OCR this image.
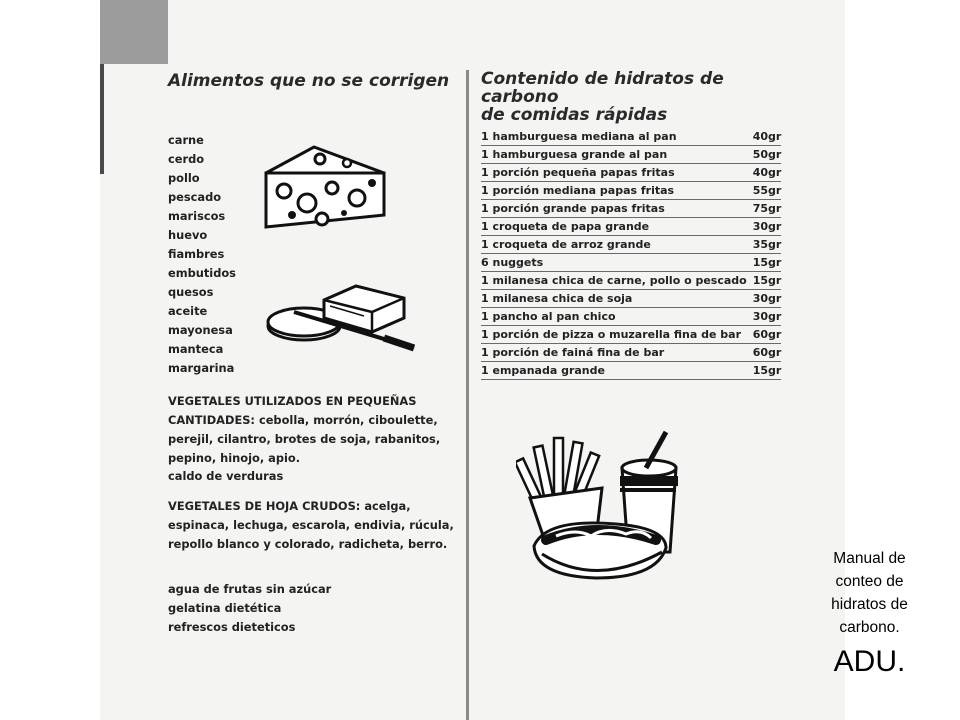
Alimentos que no se corrigen
carne
cerdo
pollo
pescado
mariscos
huevo
fiambres
embutidos
quesos
aceite
mayonesa
manteca
margarina
VEGETALES UTILIZADOS EN PEQUEÑAS CANTIDADES: cebolla, morrón, ciboulette, perejil, cilantro, brotes de soja, rabanitos, pepino, hinojo, apio.
caldo de verduras
VEGETALES DE HOJA CRUDOS: acelga, espinaca, lechuga, escarola, endivia, rúcula, repollo blanco y colorado, radicheta, berro.
agua de frutas sin azúcar
gelatina dietética
refrescos dieteticos
Contenido de hidratos de carbono
de comidas rápidas
1 hamburguesa mediana al pan	40gr
1 hamburguesa grande al pan	50gr
1 porción pequeña papas fritas	40gr
1 porción mediana papas fritas	55gr
1 porción grande papas fritas	75gr
1 croqueta de papa grande	30gr
1 croqueta de arroz grande	35gr
6 nuggets	15gr
1 milanesa chica de carne, pollo o pescado	15gr
1 milanesa chica de soja	30gr
1 pancho al pan chico	30gr
1 porción de pizza o muzarella fina de bar	60gr
1 porción de fainá fina de bar	60gr
1 empanada grande	15gr
Manual de
conteo de
hidratos de
carbono.
ADU.
